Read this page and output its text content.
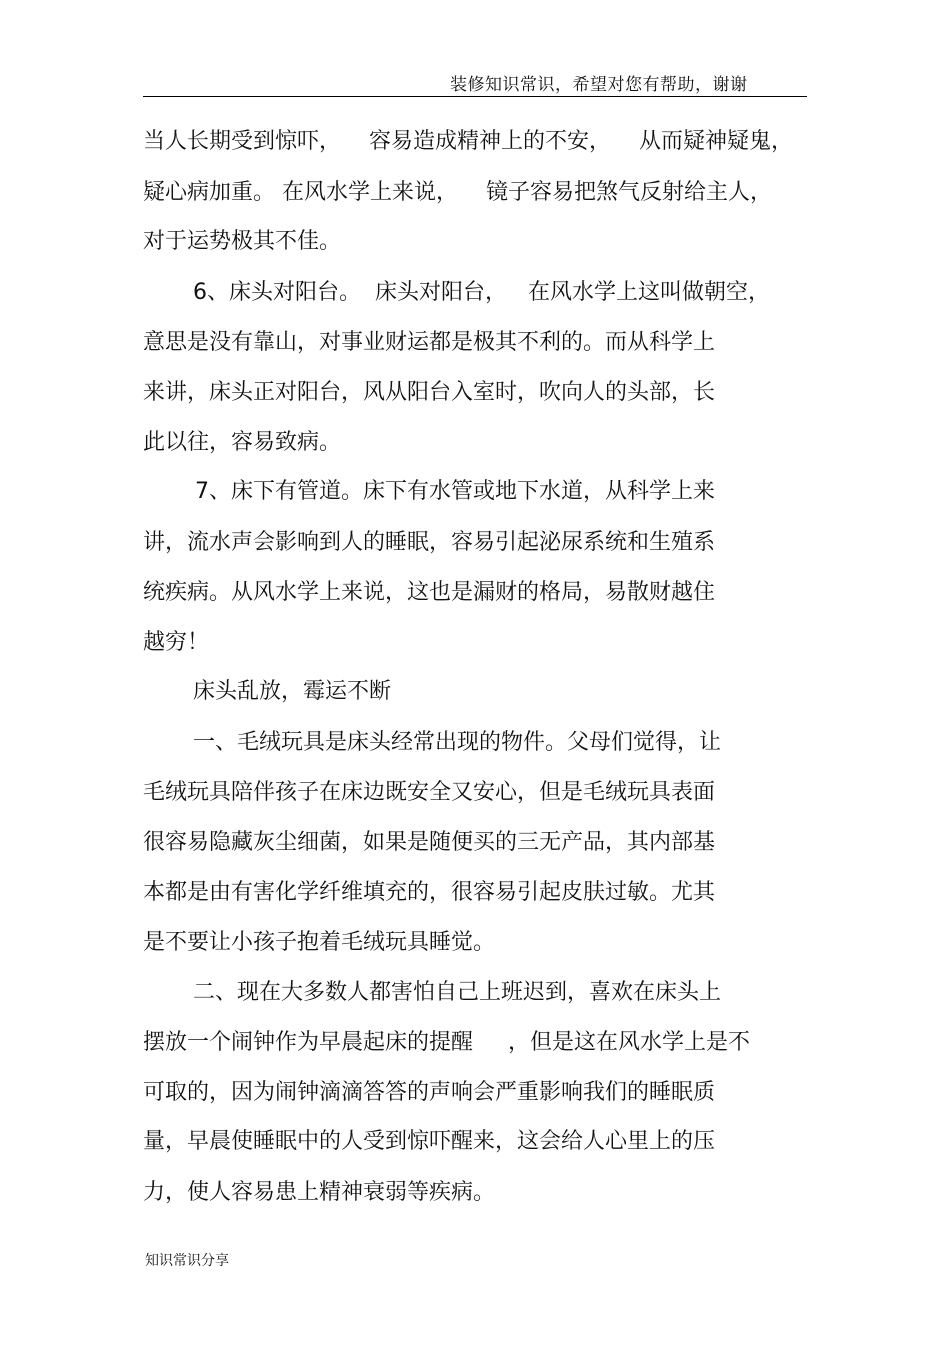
装修知识常识，希望对您有帮助，谢谢
当人长期受到惊吓，    容易造成精神上的不安，    从而疑神疑鬼，
疑心病加重。 在风水学上来说，    镜子容易把煞气反射给主人，
对于运势极其不佳。
6、床头对阳台。  床头对阳台，   在风水学上这叫做朝空，
意思是没有靠山，对事业财运都是极其不利的。而从科学上
来讲，床头正对阳台，风从阳台入室时，吹向人的头部，长
此以往，容易致病。
7、床下有管道。床下有水管或地下水道，从科学上来
讲，流水声会影响到人的睡眠，容易引起泌尿系统和生殖系
统疾病。从风水学上来说，这也是漏财的格局，易散财越住
越穷！
床头乱放，霉运不断
一、毛绒玩具是床头经常出现的物件。父母们觉得，让
毛绒玩具陪伴孩子在床边既安全又安心，但是毛绒玩具表面
很容易隐藏灰尘细菌，如果是随便买的三无产品，其内部基
本都是由有害化学纤维填充的，很容易引起皮肤过敏。尤其
是不要让小孩子抱着毛绒玩具睡觉。
二、现在大多数人都害怕自己上班迟到，喜欢在床头上
摆放一个闹钟作为早晨起床的提醒     ，但是这在风水学上是不
可取的，因为闹钟滴滴答答的声响会严重影响我们的睡眠质
量，早晨使睡眠中的人受到惊吓醒来，这会给人心里上的压
力，使人容易患上精神衰弱等疾病。
知识常识分享
